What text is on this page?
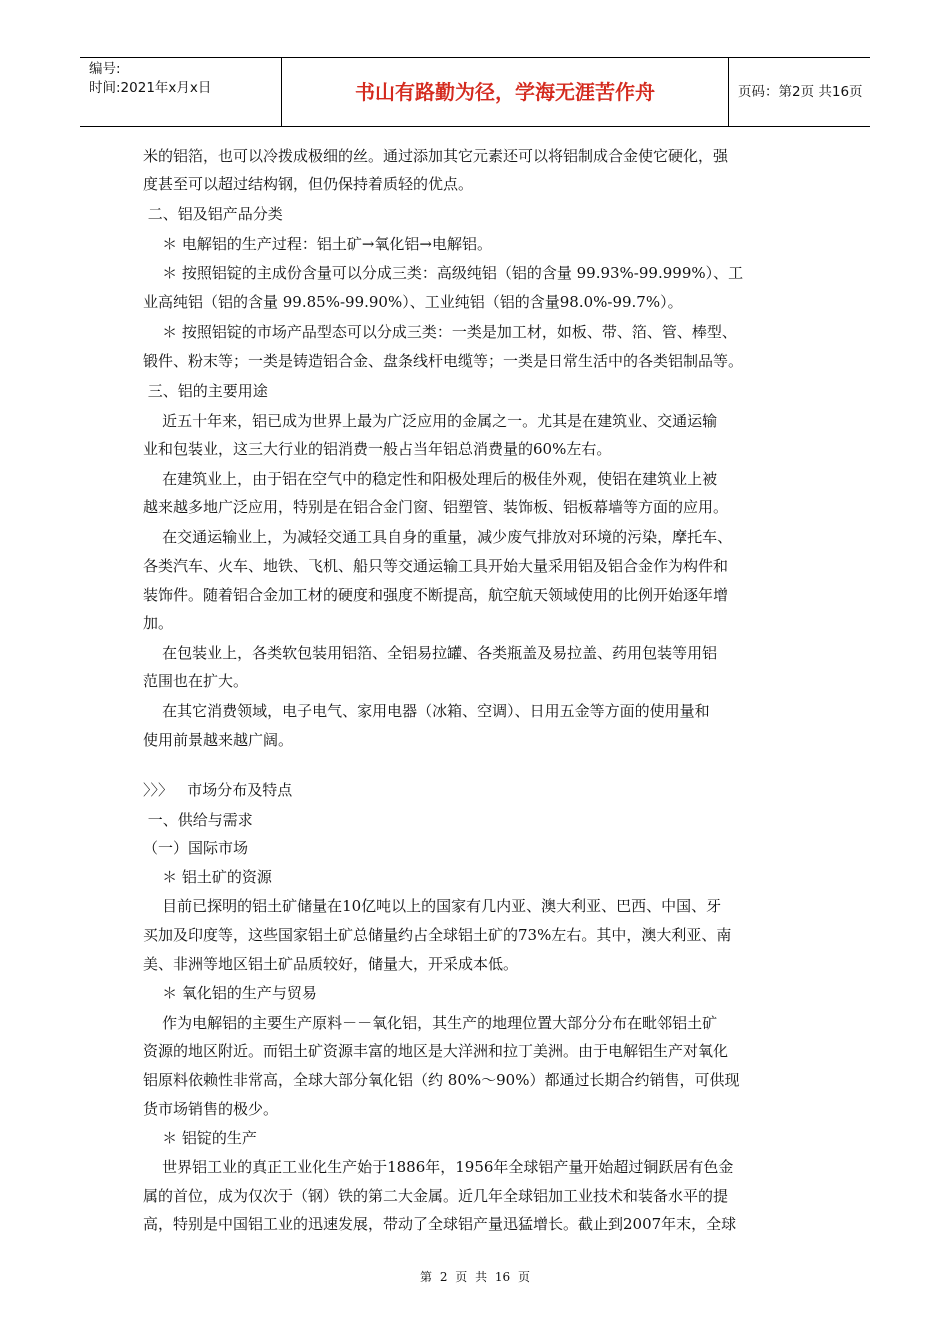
编号:
时间:2021年x月x日	书山有路勤为径，学海无涯苦作舟	页码：第2页 共16页
米的铝箔，也可以冷拨成极细的丝。通过添加其它元素还可以将铝制成合金使它硬化，强
度甚至可以超过结构钢，但仍保持着质轻的优点。
二、铝及铝产品分类
＊ 电解铝的生产过程：铝土矿→氧化铝→电解铝。
＊ 按照铝锭的主成份含量可以分成三类：高级纯铝（铝的含量 99.93%-99.999%）、工
业高纯铝（铝的含量 99.85%-99.90%）、工业纯铝（铝的含量98.0%-99.7%）。
＊ 按照铝锭的市场产品型态可以分成三类：一类是加工材，如板、带、箔、管、棒型、
锻件、粉末等；一类是铸造铝合金、盘条线杆电缆等；一类是日常生活中的各类铝制品等。
三、铝的主要用途
近五十年来，铝已成为世界上最为广泛应用的金属之一。尤其是在建筑业、交通运输
业和包装业，这三大行业的铝消费一般占当年铝总消费量的60%左右。
在建筑业上，由于铝在空气中的稳定性和阳极处理后的极佳外观，使铝在建筑业上被
越来越多地广泛应用，特别是在铝合金门窗、铝塑管、装饰板、铝板幕墙等方面的应用。
在交通运输业上，为减轻交通工具自身的重量，减少废气排放对环境的污染，摩托车、
各类汽车、火车、地铁、飞机、船只等交通运输工具开始大量采用铝及铝合金作为构件和
装饰件。随着铝合金加工材的硬度和强度不断提高，航空航天领域使用的比例开始逐年增
加。
在包装业上，各类软包装用铝箔、全铝易拉罐、各类瓶盖及易拉盖、药用包装等用铝
范围也在扩大。
在其它消费领域，电子电气、家用电器（冰箱、空调）、日用五金等方面的使用量和
使用前景越来越广阔。
〉〉〉   市场分布及特点
一、供给与需求
（一）国际市场
＊ 铝土矿的资源
目前已探明的铝土矿储量在10亿吨以上的国家有几内亚、澳大利亚、巴西、中国、牙
买加及印度等，这些国家铝土矿总储量约占全球铝土矿的73%左右。其中，澳大利亚、南
美、非洲等地区铝土矿品质较好，储量大，开采成本低。
＊ 氧化铝的生产与贸易
作为电解铝的主要生产原料－－氧化铝，其生产的地理位置大部分分布在毗邻铝土矿
资源的地区附近。而铝土矿资源丰富的地区是大洋洲和拉丁美洲。由于电解铝生产对氧化
铝原料依赖性非常高，全球大部分氧化铝（约 80%～90%）都通过长期合约销售，可供现
货市场销售的极少。
＊ 铝锭的生产
世界铝工业的真正工业化生产始于1886年，1956年全球铝产量开始超过铜跃居有色金
属的首位，成为仅次于（钢）铁的第二大金属。近几年全球铝加工业技术和装备水平的提
高，特别是中国铝工业的迅速发展，带动了全球铝产量迅猛增长。截止到2007年末，全球
第 2 页 共 16 页
